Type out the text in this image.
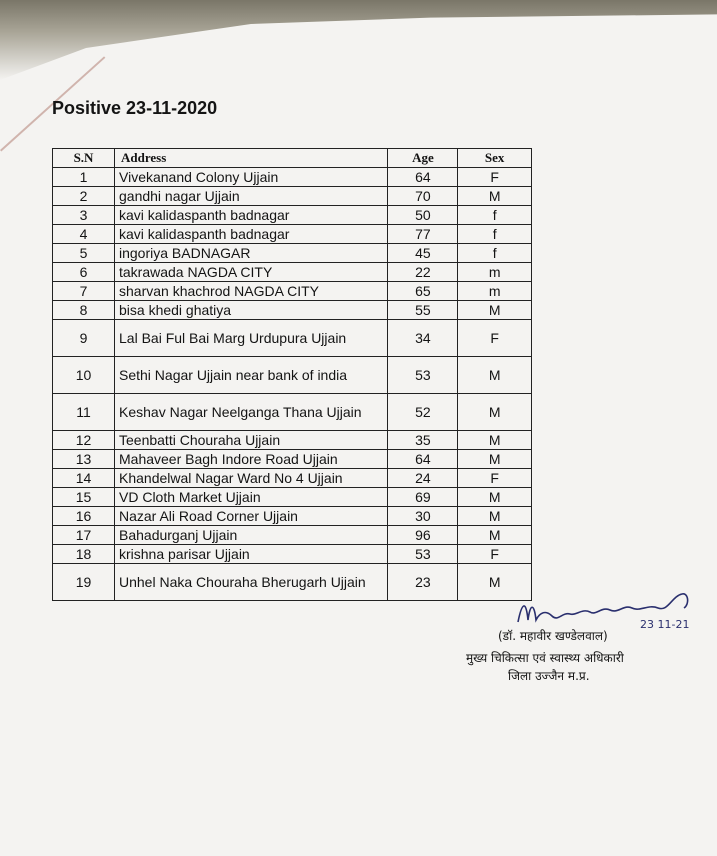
Positive 23-11-2020
S.N	Address	Age	Sex
1	Vivekanand Colony Ujjain	64	F
2	gandhi nagar Ujjain	70	M
3	kavi kalidaspanth badnagar	50	f
4	kavi kalidaspanth badnagar	77	f
5	ingoriya BADNAGAR	45	f
6	takrawada NAGDA CITY	22	m
7	sharvan khachrod NAGDA CITY	65	m
8	bisa khedi ghatiya	55	M
9	Lal Bai Ful Bai Marg Urdupura Ujjain	34	F
10	Sethi Nagar Ujjain near bank of india	53	M
11	Keshav Nagar Neelganga Thana Ujjain	52	M
12	Teenbatti Chouraha Ujjain	35	M
13	Mahaveer Bagh Indore Road Ujjain	64	M
14	Khandelwal Nagar Ward No 4 Ujjain	24	F
15	VD Cloth Market Ujjain	69	M
16	Nazar Ali Road Corner Ujjain	30	M
17	Bahadurganj Ujjain	96	M
18	krishna parisar Ujjain	53	F
19	Unhel Naka Chouraha Bherugarh Ujjain	23	M
23 11-21
(डॉ. महावीर खण्डेलवाल)
मुख्य चिकित्सा एवं स्वास्थ्य अधिकारी
जिला उज्जैन म.प्र.
